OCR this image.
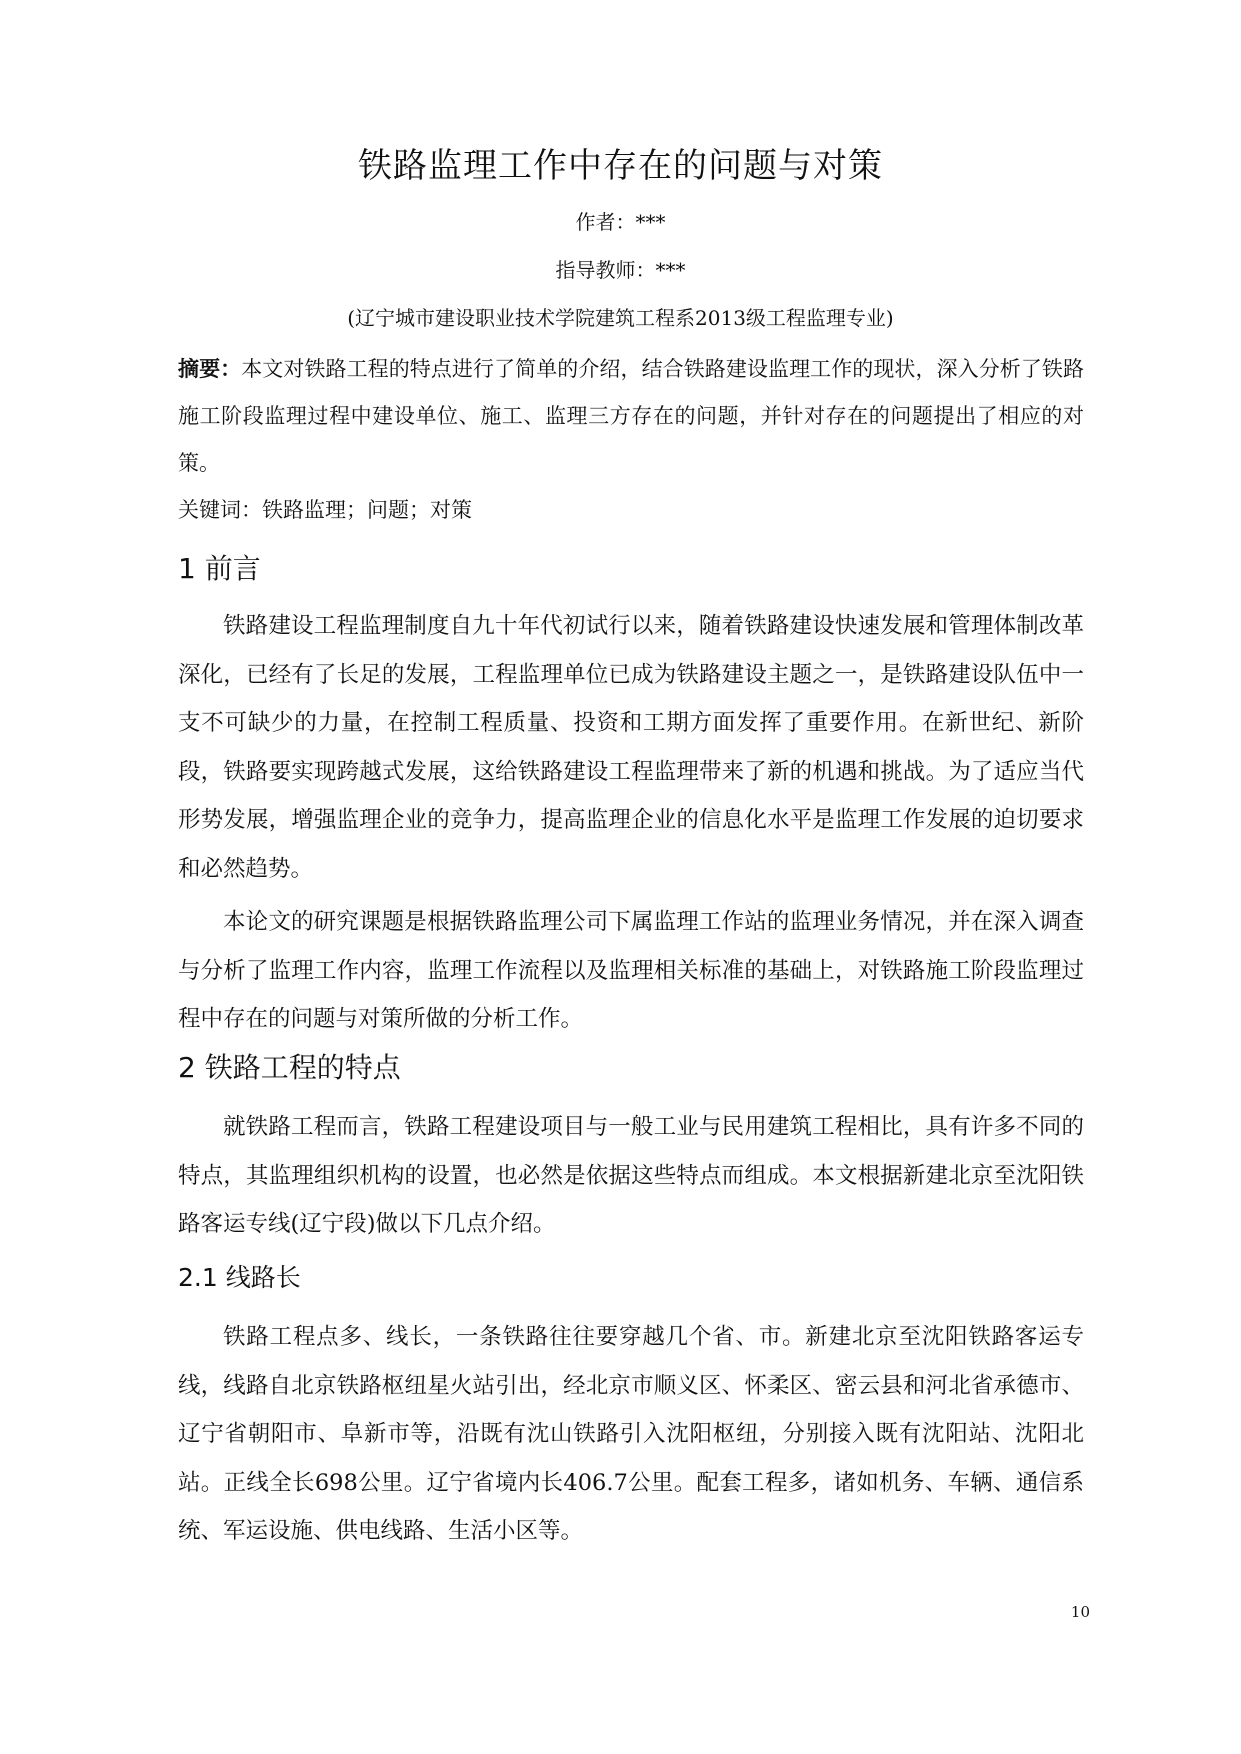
铁路监理工作中存在的问题与对策

作者：***

指导教师：***

(辽宁城市建设职业技术学院建筑工程系2013级工程监理专业)

摘要：本文对铁路工程的特点进行了简单的介绍，结合铁路建设监理工作的现状，深入分析了铁路施工阶段监理过程中建设单位、施工、监理三方存在的问题，并针对存在的问题提出了相应的对策。

关键词：铁路监理；问题；对策

1 前言

铁路建设工程监理制度自九十年代初试行以来，随着铁路建设快速发展和管理体制改革深化，已经有了长足的发展，工程监理单位已成为铁路建设主题之一，是铁路建设队伍中一支不可缺少的力量，在控制工程质量、投资和工期方面发挥了重要作用。在新世纪、新阶段，铁路要实现跨越式发展，这给铁路建设工程监理带来了新的机遇和挑战。为了适应当代形势发展，增强监理企业的竞争力，提高监理企业的信息化水平是监理工作发展的迫切要求和必然趋势。

本论文的研究课题是根据铁路监理公司下属监理工作站的监理业务情况，并在深入调查与分析了监理工作内容，监理工作流程以及监理相关标准的基础上，对铁路施工阶段监理过程中存在的问题与对策所做的分析工作。

2 铁路工程的特点

就铁路工程而言，铁路工程建设项目与一般工业与民用建筑工程相比，具有许多不同的特点，其监理组织机构的设置，也必然是依据这些特点而组成。本文根据新建北京至沈阳铁路客运专线(辽宁段)做以下几点介绍。

2.1 线路长

铁路工程点多、线长，一条铁路往往要穿越几个省、市。新建北京至沈阳铁路客运专线，线路自北京铁路枢纽星火站引出，经北京市顺义区、怀柔区、密云县和河北省承德市、辽宁省朝阳市、阜新市等，沿既有沈山铁路引入沈阳枢纽，分别接入既有沈阳站、沈阳北站。正线全长698公里。辽宁省境内长406.7公里。配套工程多，诸如机务、车辆、通信系统、军运设施、供电线路、生活小区等。

10
